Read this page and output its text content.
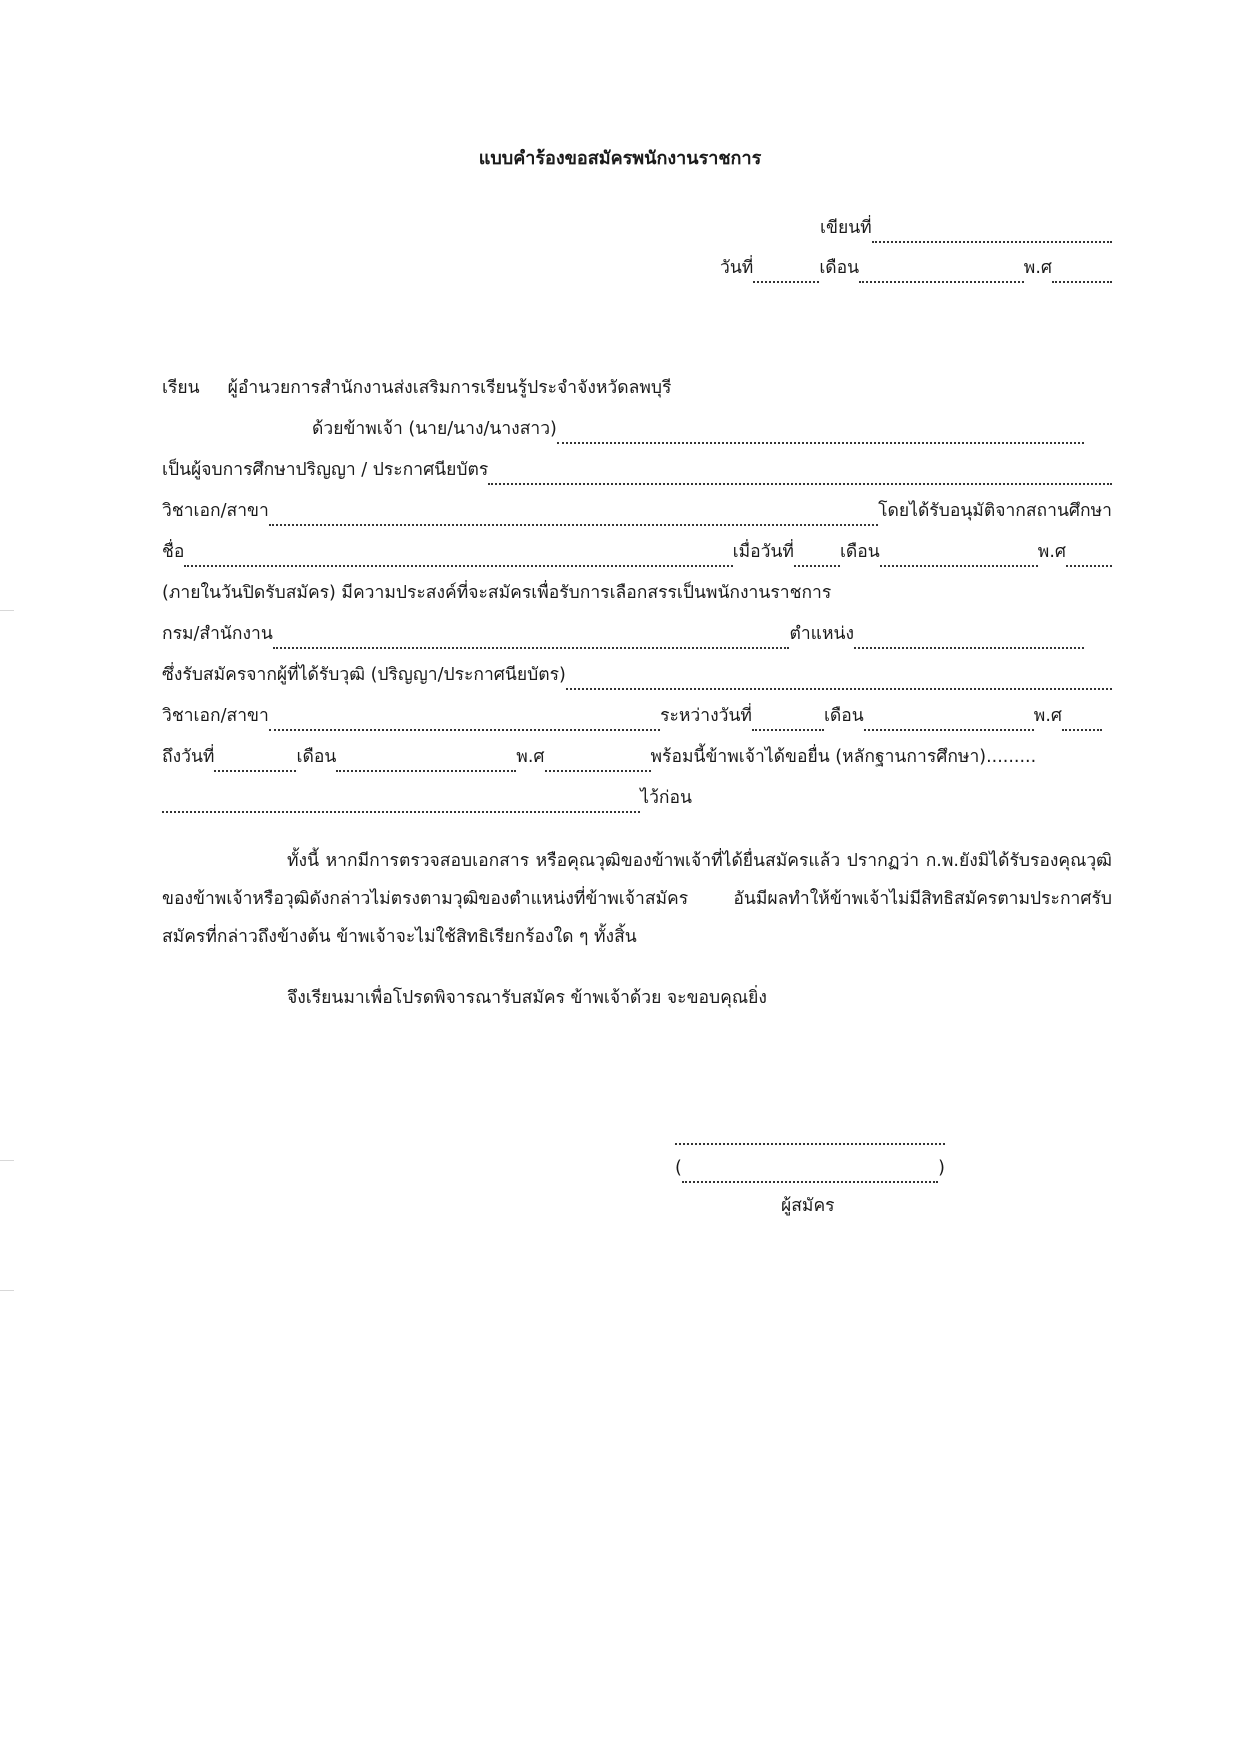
แบบคำร้องขอสมัครพนักงานราชการ
เขียนที่
วันที่	เดือน	พ.ศ
เรียน ผู้อำนวยการสำนักงานส่งเสริมการเรียนรู้ประจำจังหวัดลพบุรี
ด้วยข้าพเจ้า (นาย/นาง/นางสาว)
เป็นผู้จบการศึกษาปริญญา / ประกาศนียบัตร
วิชาเอก/สาขา	โดยได้รับอนุมัติจากสถานศึกษา
ชื่อ	เมื่อวันที่	เดือน	พ.ศ
(ภายในวันปิดรับสมัคร) มีความประสงค์ที่จะสมัครเพื่อรับการเลือกสรรเป็นพนักงานราชการ
กรม/สำนักงาน	ตำแหน่ง
ซึ่งรับสมัครจากผู้ที่ได้รับวุฒิ (ปริญญา/ประกาศนียบัตร)
วิชาเอก/สาขา	ระหว่างวันที่	เดือน	พ.ศ
ถึงวันที่	เดือน	พ.ศ	พร้อมนี้ข้าพเจ้าได้ขอยื่น (หลักฐานการศึกษา) .........
ไว้ก่อน
ทั้งนี้ หากมีการตรวจสอบเอกสาร หรือคุณวุฒิของข้าพเจ้าที่ได้ยื่นสมัครแล้ว ปรากฏว่า ก.พ.ยังมิได้รับรองคุณวุฒิของข้าพเจ้าหรือวุฒิดังกล่าวไม่ตรงตามวุฒิของตำแหน่งที่ข้าพเจ้าสมัคร อันมีผลทำให้ข้าพเจ้าไม่มีสิทธิสมัครตามประกาศรับสมัครที่กล่าวถึงข้างต้น ข้าพเจ้าจะไม่ใช้สิทธิเรียกร้องใด ๆ ทั้งสิ้น
จึงเรียนมาเพื่อโปรดพิจารณารับสมัคร ข้าพเจ้าด้วย จะขอบคุณยิ่ง
(	)
ผู้สมัคร
